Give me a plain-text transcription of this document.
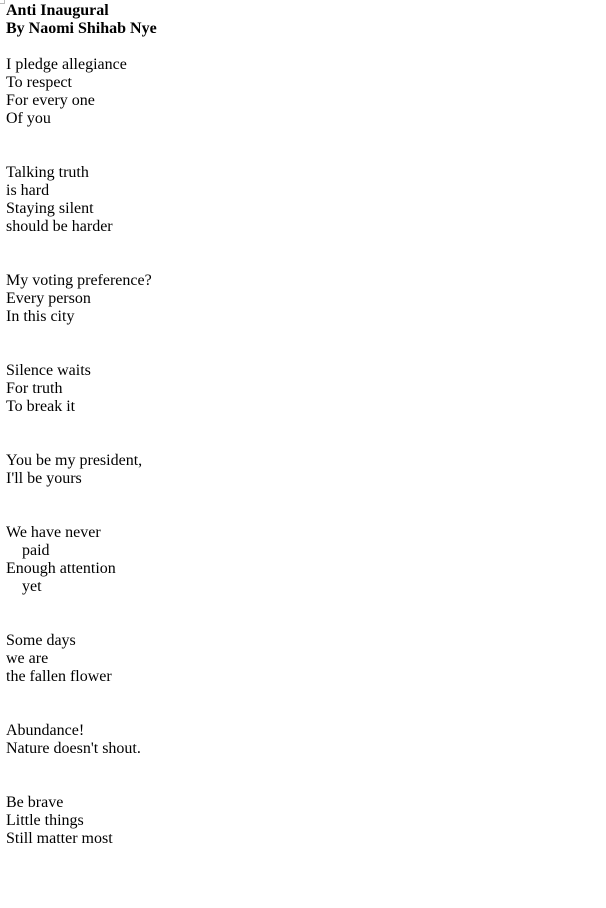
Anti Inaugural
By Naomi Shihab Nye
I pledge allegiance
To respect
For every one
Of you
Talking truth
is hard
Staying silent
should be harder
My voting preference?
Every person
In this city
Silence waits
For truth
To break it
You be my president,
I'll be yours
We have never
paid
Enough attention
yet
Some days
we are
the fallen flower
Abundance!
Nature doesn't shout.
Be brave
Little things
Still matter most
